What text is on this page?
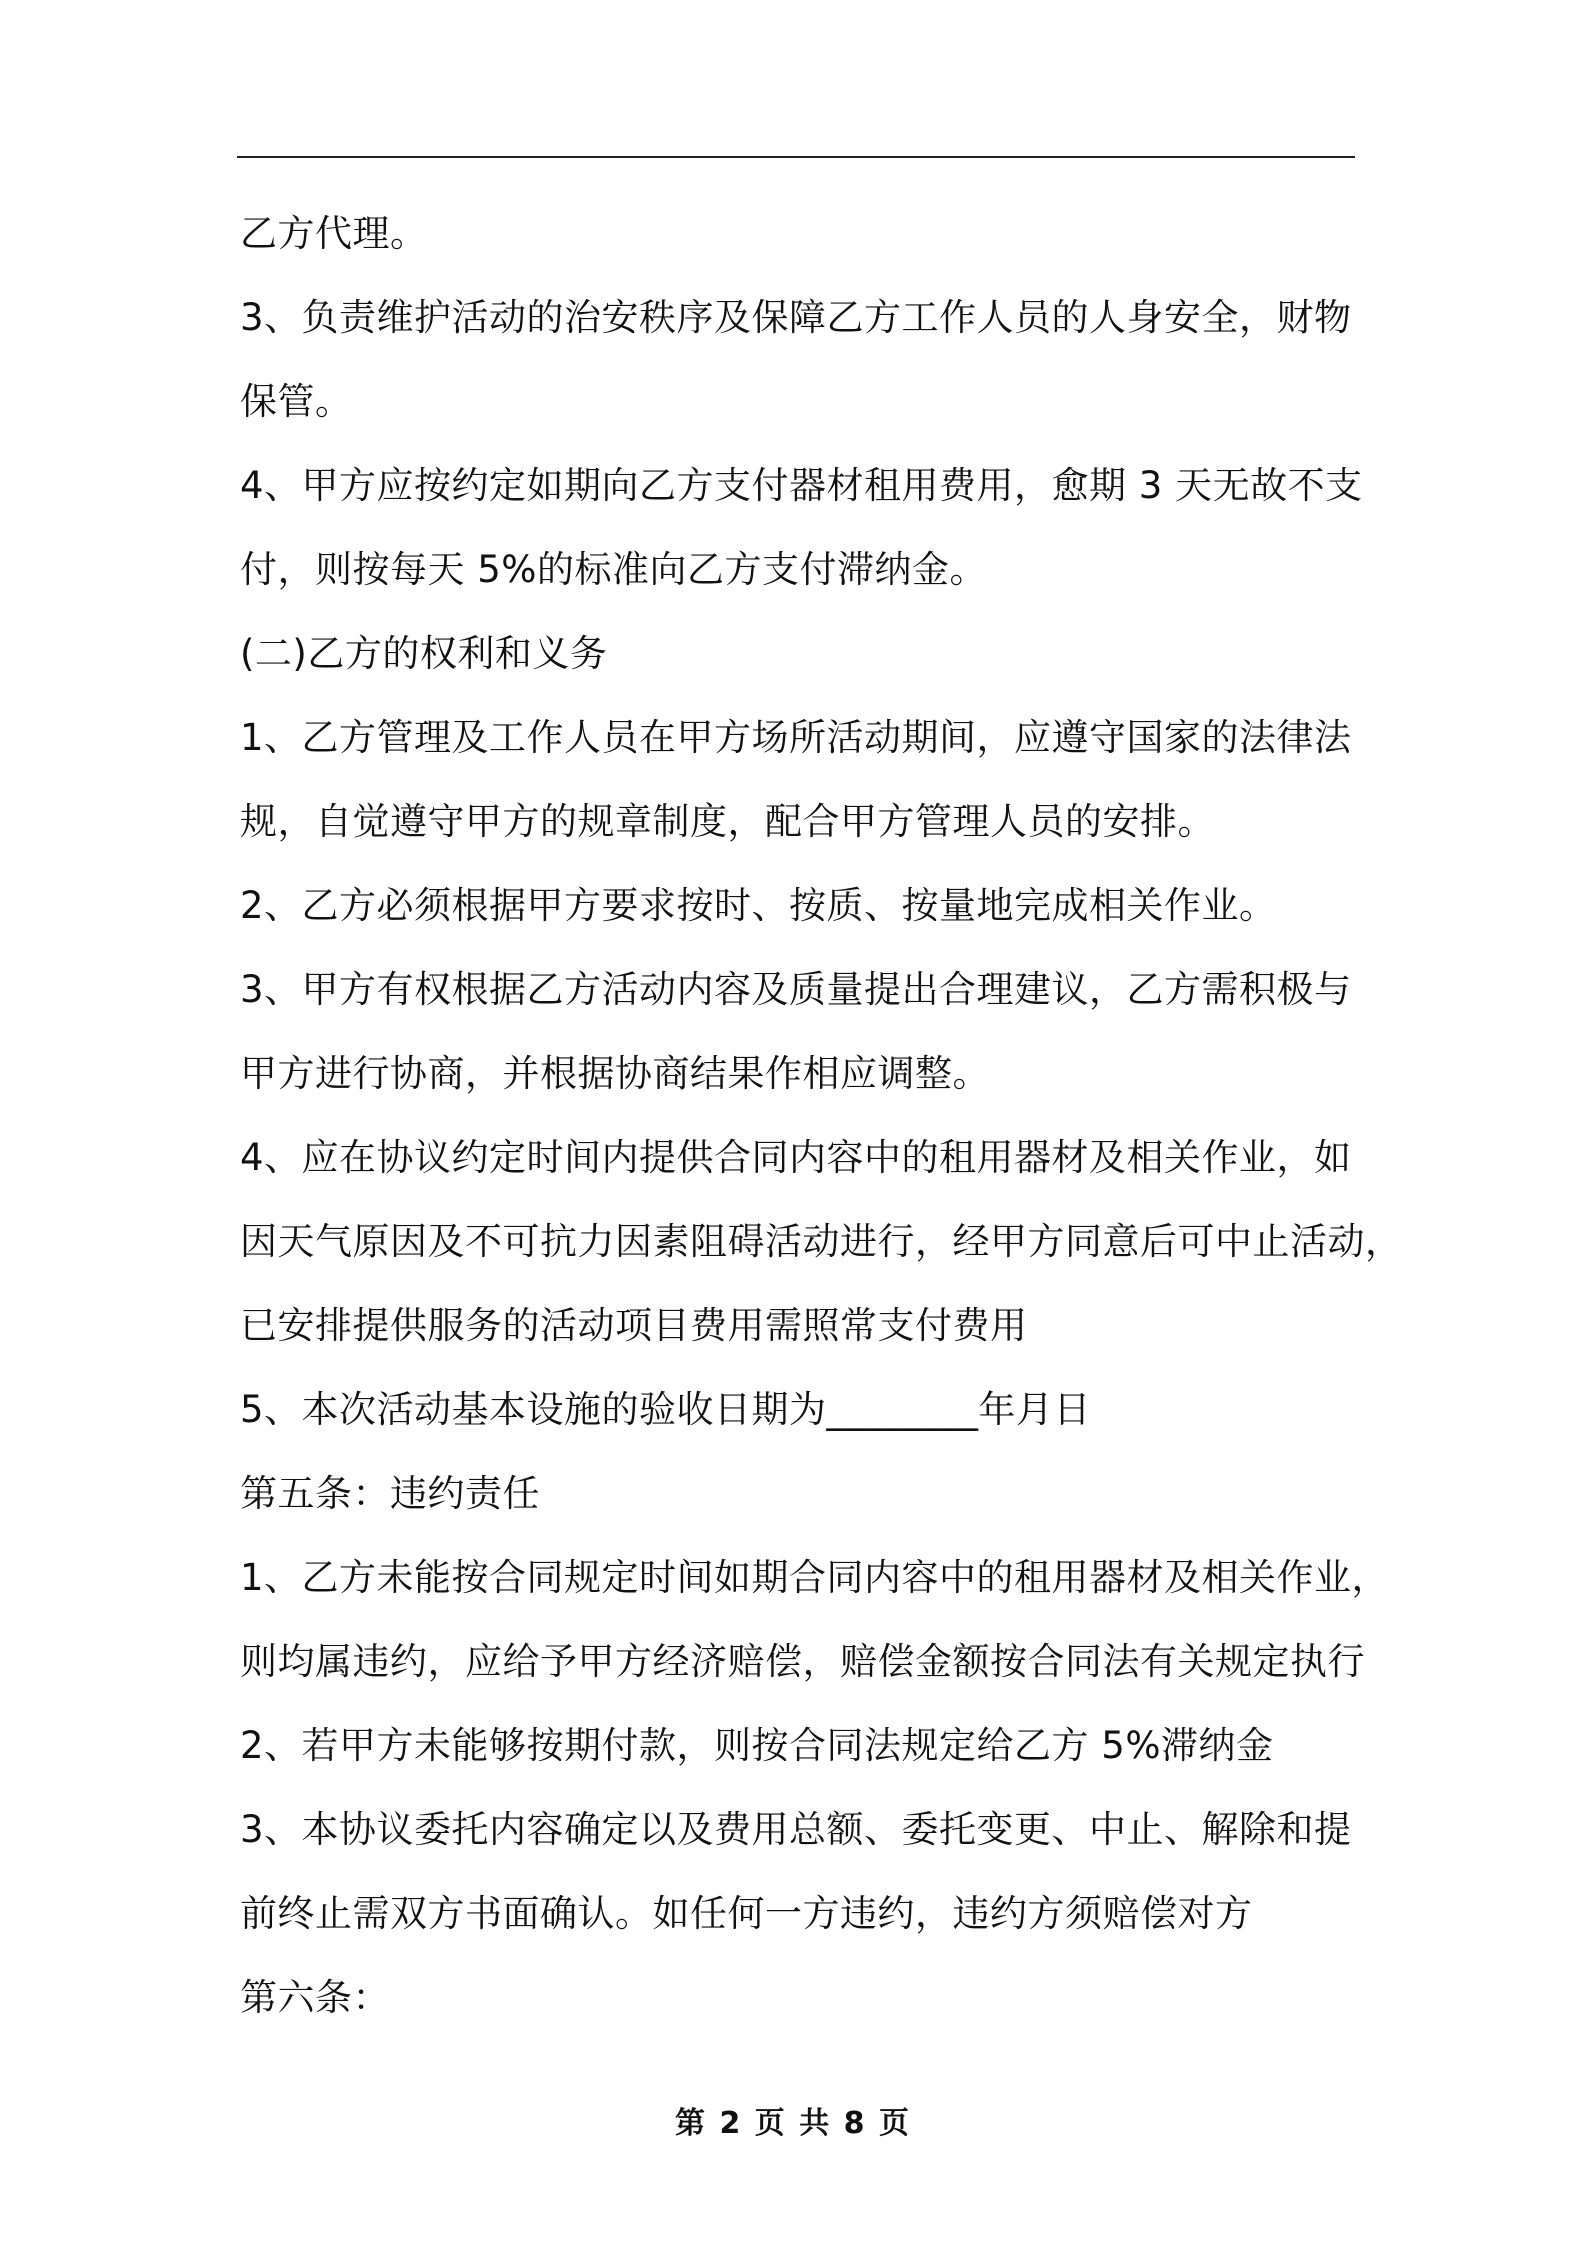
乙方代理。
3、负责维护活动的治安秩序及保障乙方工作人员的人身安全，财物
保管。
4、甲方应按约定如期向乙方支付器材租用费用，愈期 3 天无故不支
付，则按每天 5%的标准向乙方支付滞纳金。
(二)乙方的权利和义务
1、乙方管理及工作人员在甲方场所活动期间，应遵守国家的法律法
规，自觉遵守甲方的规章制度，配合甲方管理人员的安排。
2、乙方必须根据甲方要求按时、按质、按量地完成相关作业。
3、甲方有权根据乙方活动内容及质量提出合理建议，乙方需积极与
甲方进行协商，并根据协商结果作相应调整。
4、应在协议约定时间内提供合同内容中的租用器材及相关作业，如
因天气原因及不可抗力因素阻碍活动进行，经甲方同意后可中止活动，
已安排提供服务的活动项目费用需照常支付费用
5、本次活动基本设施的验收日期为________年月日
第五条：违约责任
1、乙方未能按合同规定时间如期合同内容中的租用器材及相关作业，
则均属违约，应给予甲方经济赔偿，赔偿金额按合同法有关规定执行
2、若甲方未能够按期付款，则按合同法规定给乙方 5%滞纳金
3、本协议委托内容确定以及费用总额、委托变更、中止、解除和提
前终止需双方书面确认。如任何一方违约，违约方须赔偿对方
第六条：
第 2 页 共 8 页
